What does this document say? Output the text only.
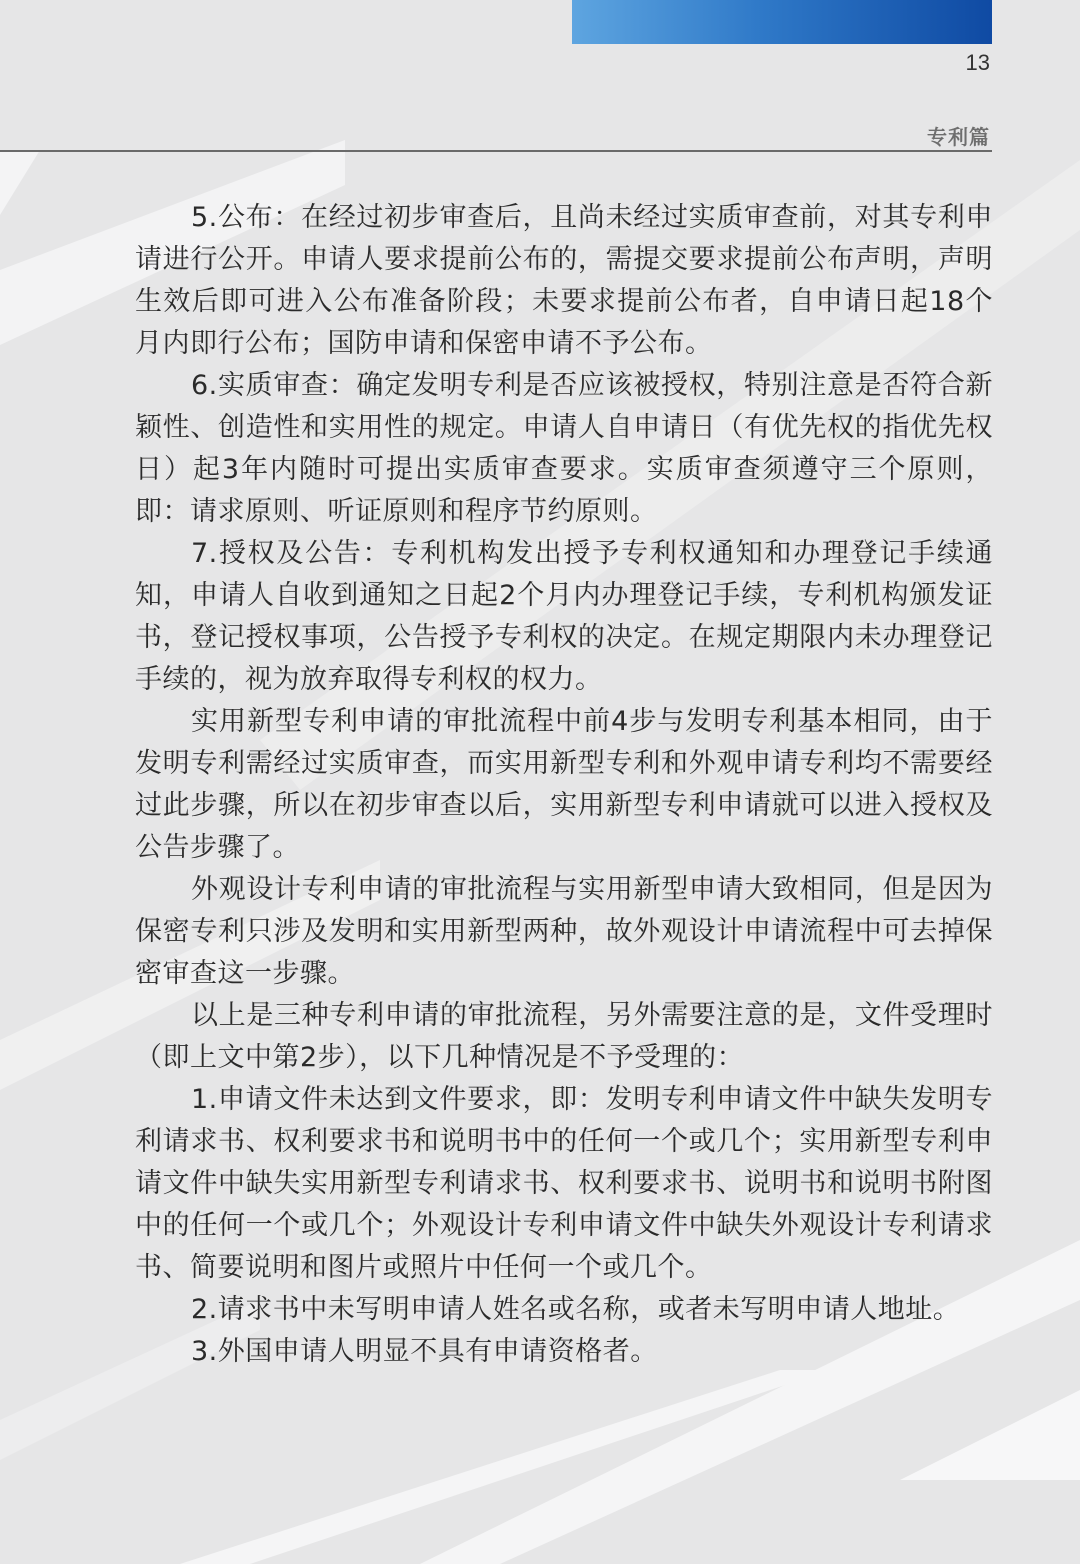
13
专利篇

5.公布：在经过初步审查后，且尚未经过实质审查前，对其专利申请进行公开。申请人要求提前公布的，需提交要求提前公布声明，声明生效后即可进入公布准备阶段；未要求提前公布者，自申请日起18个月内即行公布；国防申请和保密申请不予公布。

6.实质审查：确定发明专利是否应该被授权，特别注意是否符合新颖性、创造性和实用性的规定。申请人自申请日（有优先权的指优先权日）起3年内随时可提出实质审查要求。实质审查须遵守三个原则，即：请求原则、听证原则和程序节约原则。

7.授权及公告：专利机构发出授予专利权通知和办理登记手续通知，申请人自收到通知之日起2个月内办理登记手续，专利机构颁发证书，登记授权事项，公告授予专利权的决定。在规定期限内未办理登记手续的，视为放弃取得专利权的权力。

实用新型专利申请的审批流程中前4步与发明专利基本相同，由于发明专利需经过实质审查，而实用新型专利和外观申请专利均不需要经过此步骤，所以在初步审查以后，实用新型专利申请就可以进入授权及公告步骤了。

外观设计专利申请的审批流程与实用新型申请大致相同，但是因为保密专利只涉及发明和实用新型两种，故外观设计申请流程中可去掉保密审查这一步骤。

以上是三种专利申请的审批流程，另外需要注意的是，文件受理时（即上文中第2步），以下几种情况是不予受理的：

1.申请文件未达到文件要求，即：发明专利申请文件中缺失发明专利请求书、权利要求书和说明书中的任何一个或几个；实用新型专利申请文件中缺失实用新型专利请求书、权利要求书、说明书和说明书附图中的任何一个或几个；外观设计专利申请文件中缺失外观设计专利请求书、简要说明和图片或照片中任何一个或几个。

2.请求书中未写明申请人姓名或名称，或者未写明申请人地址。

3.外国申请人明显不具有申请资格者。
